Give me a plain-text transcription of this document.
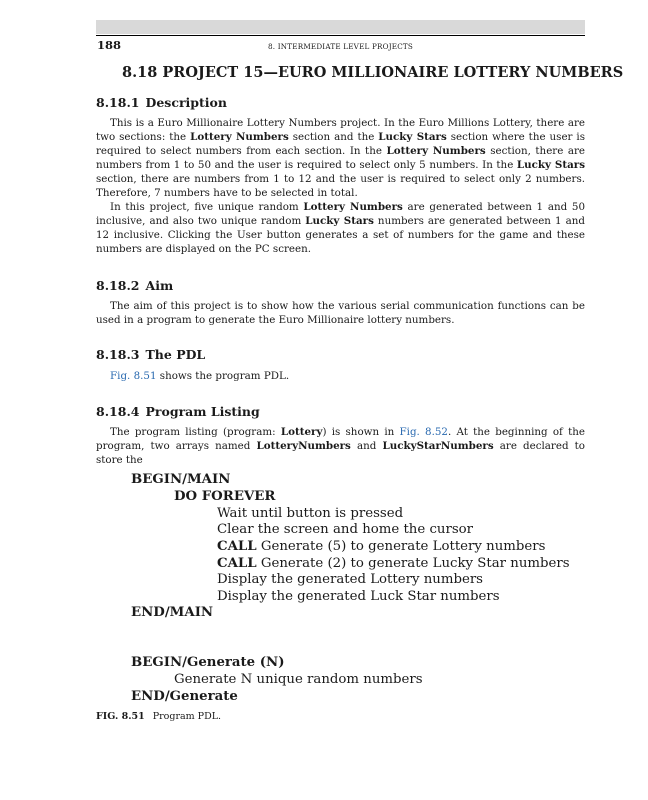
188	8. INTERMEDIATE LEVEL PROJECTS
8.18 PROJECT 15—EURO MILLIONAIRE LOTTERY NUMBERS
8.18.1 Description

This is a Euro Millionaire Lottery Numbers project. In the Euro Millions Lottery, there are two sections: the Lottery Numbers section and the Lucky Stars section where the user is required to select numbers from each section. In the Lottery Numbers section, there are numbers from 1 to 50 and the user is required to select only 5 numbers. In the Lucky Stars section, there are numbers from 1 to 12 and the user is required to select only 2 numbers. Therefore, 7 numbers have to be selected in total.

In this project, five unique random Lottery Numbers are generated between 1 and 50 inclusive, and also two unique random Lucky Stars numbers are generated between 1 and 12 inclusive. Clicking the User button generates a set of numbers for the game and these numbers are displayed on the PC screen.

8.18.2 Aim

The aim of this project is to show how the various serial communication functions can be used in a program to generate the Euro Millionaire lottery numbers.

8.18.3 The PDL

Fig. 8.51 shows the program PDL.

8.18.4 Program Listing

The program listing (program: Lottery) is shown in Fig. 8.52. At the beginning of the program, two arrays named LotteryNumbers and LuckyStarNumbers are declared to store the

BEGIN/MAIN
DO FOREVER
Wait until button is pressed
Clear the screen and home the cursor
CALL Generate (5) to generate Lottery numbers
CALL Generate (2) to generate Lucky Star numbers
Display the generated Lottery numbers
Display the generated Luck Star numbers
END/MAIN
BEGIN/Generate (N)
Generate N unique random numbers
END/Generate
FIG. 8.51 Program PDL.
